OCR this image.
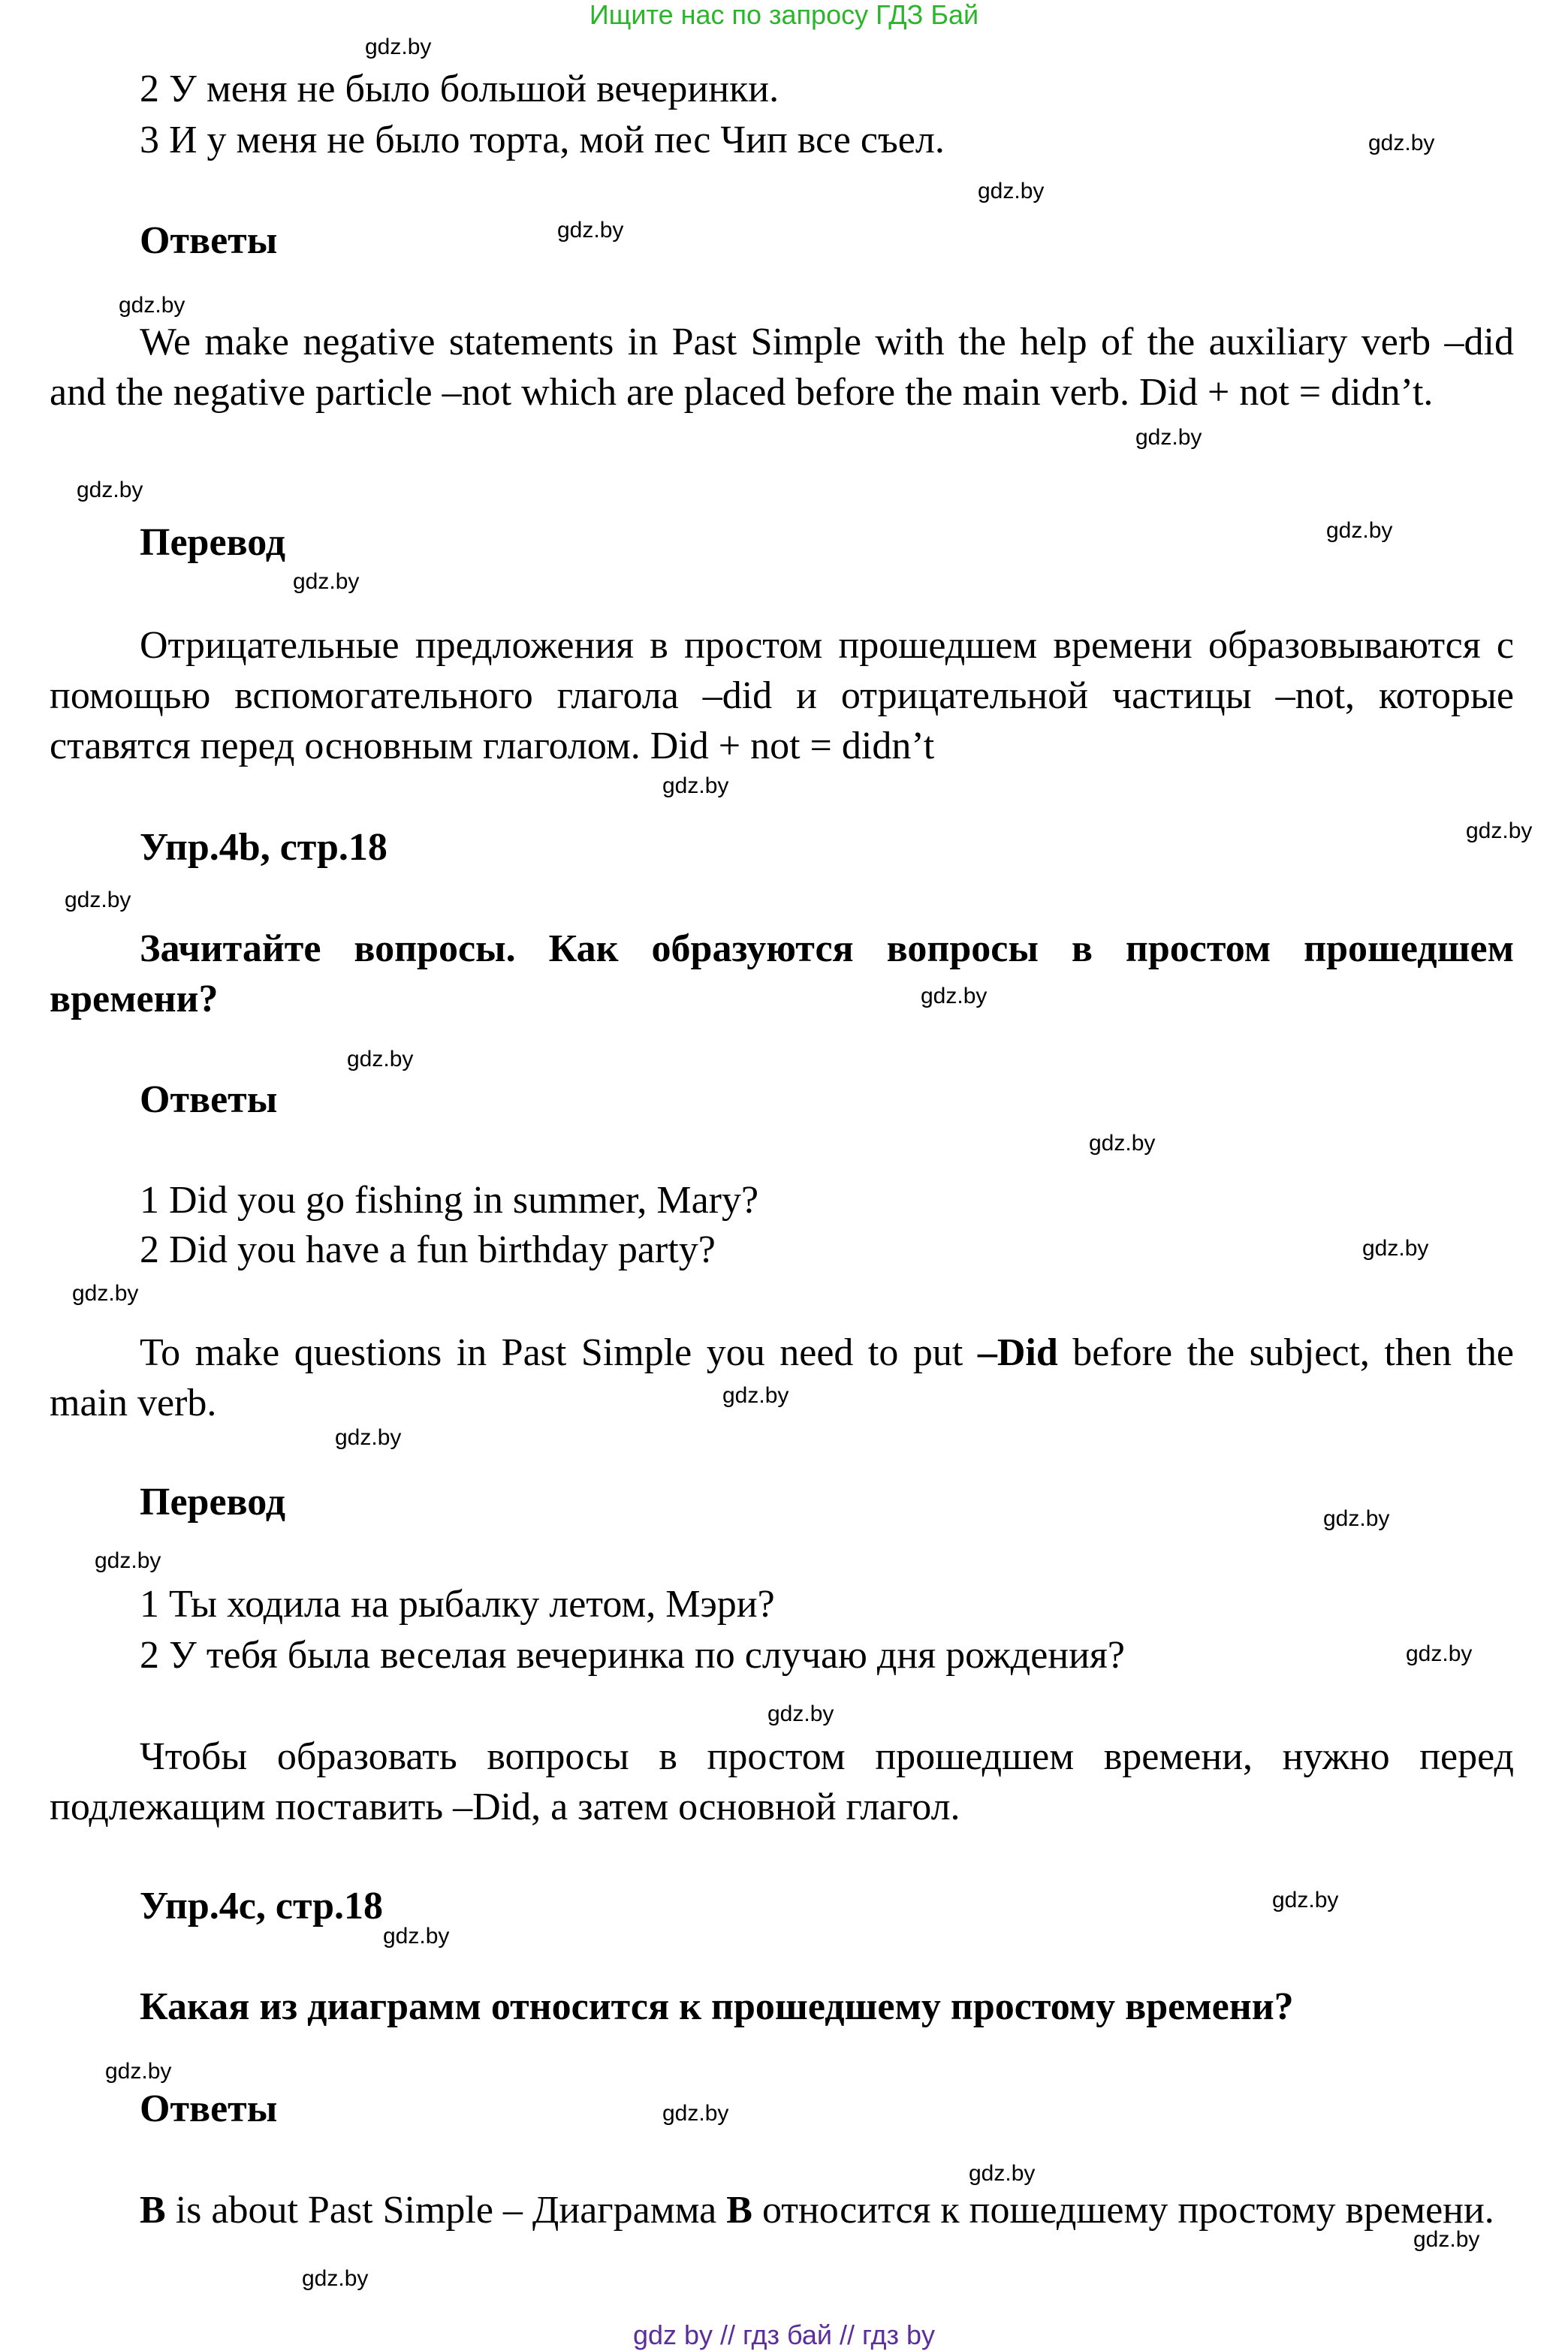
Ищите нас по запросу ГДЗ Бай
2 У меня не было большой вечеринки.
3 И у меня не было торта, мой пес Чип все съел.
Ответы
We make negative statements in Past Simple with the help of the auxiliary verb –did and the negative particle –not which are placed before the main verb. Did + not = didn’t.
Перевод
Отрицательные предложения в простом прошедшем времени образовываются с помощью вспомогательного глагола –did и отрицательной частицы –not, которые ставятся перед основным глаголом. Did + not = didn’t
Упр.4b, стр.18
Зачитайте вопросы. Как образуются вопросы в простом прошедшем времени?
Ответы
1 Did you go fishing in summer, Mary?
2 Did you have a fun birthday party?
To make questions in Past Simple you need to put –Did before the subject, then the main verb.
Перевод
1 Ты ходила на рыбалку летом, Мэри?
2 У тебя была веселая вечеринка по случаю дня рождения?
Чтобы образовать вопросы в простом прошедшем времени, нужно перед подлежащим поставить –Did, а затем основной глагол.
Упр.4c, стр.18
Какая из диаграмм относится к прошедшему простому времени?
Ответы
B is about Past Simple – Диаграмма B относится к пошедшему простому времени.
gdz.by
gdz.by
gdz.by
gdz.by
gdz.by
gdz.by
gdz.by
gdz.by
gdz.by
gdz.by
gdz.by
gdz.by
gdz.by
gdz.by
gdz.by
gdz.by
gdz.by
gdz.by
gdz.by
gdz.by
gdz.by
gdz.by
gdz.by
gdz.by
gdz.by
gdz.by
gdz.by
gdz.by
gdz.by
gdz.by
gdz by // гдз бай // гдз by
